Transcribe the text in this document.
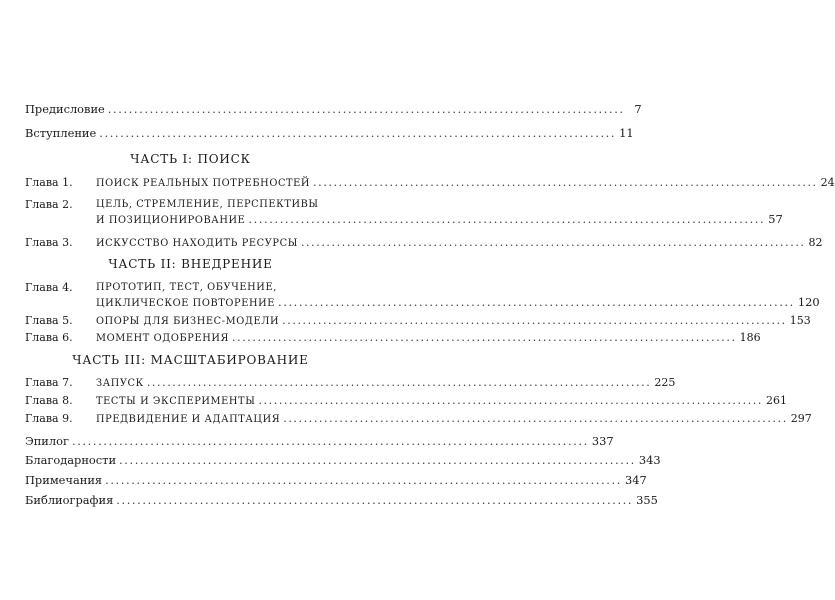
Предисловие ................................................................................................... 7
Вступление ................................................................................................... 11
ЧАСТЬ I: ПОИСК
Глава 1.	ПОИСК РЕАЛЬНЫХ ПОТРЕБНОСТЕЙ ................................................................................................... 24
Глава 2.	ЦЕЛЬ, СТРЕМЛЕНИЕ, ПЕРСПЕКТИВЫ
И ПОЗИЦИОНИРОВАНИЕ ................................................................................................... 57
Глава 3.	ИСКУССТВО НАХОДИТЬ РЕСУРСЫ ................................................................................................... 82
ЧАСТЬ II: ВНЕДРЕНИЕ
Глава 4.	ПРОТОТИП, ТЕСТ, ОБУЧЕНИЕ,
ЦИКЛИЧЕСКОЕ ПОВТОРЕНИЕ ................................................................................................... 120
Глава 5.	ОПОРЫ ДЛЯ БИЗНЕС-МОДЕЛИ ................................................................................................... 153
Глава 6.	МОМЕНТ ОДОБРЕНИЯ ................................................................................................... 186
ЧАСТЬ III: МАСШТАБИРОВАНИЕ
Глава 7.	ЗАПУСК ................................................................................................... 225
Глава 8.	ТЕСТЫ И ЭКСПЕРИМЕНТЫ ................................................................................................... 261
Глава 9.	ПРЕДВИДЕНИЕ И АДАПТАЦИЯ ................................................................................................... 297
Эпилог ................................................................................................... 337
Благодарности ................................................................................................... 343
Примечания ................................................................................................... 347
Библиография ................................................................................................... 355
